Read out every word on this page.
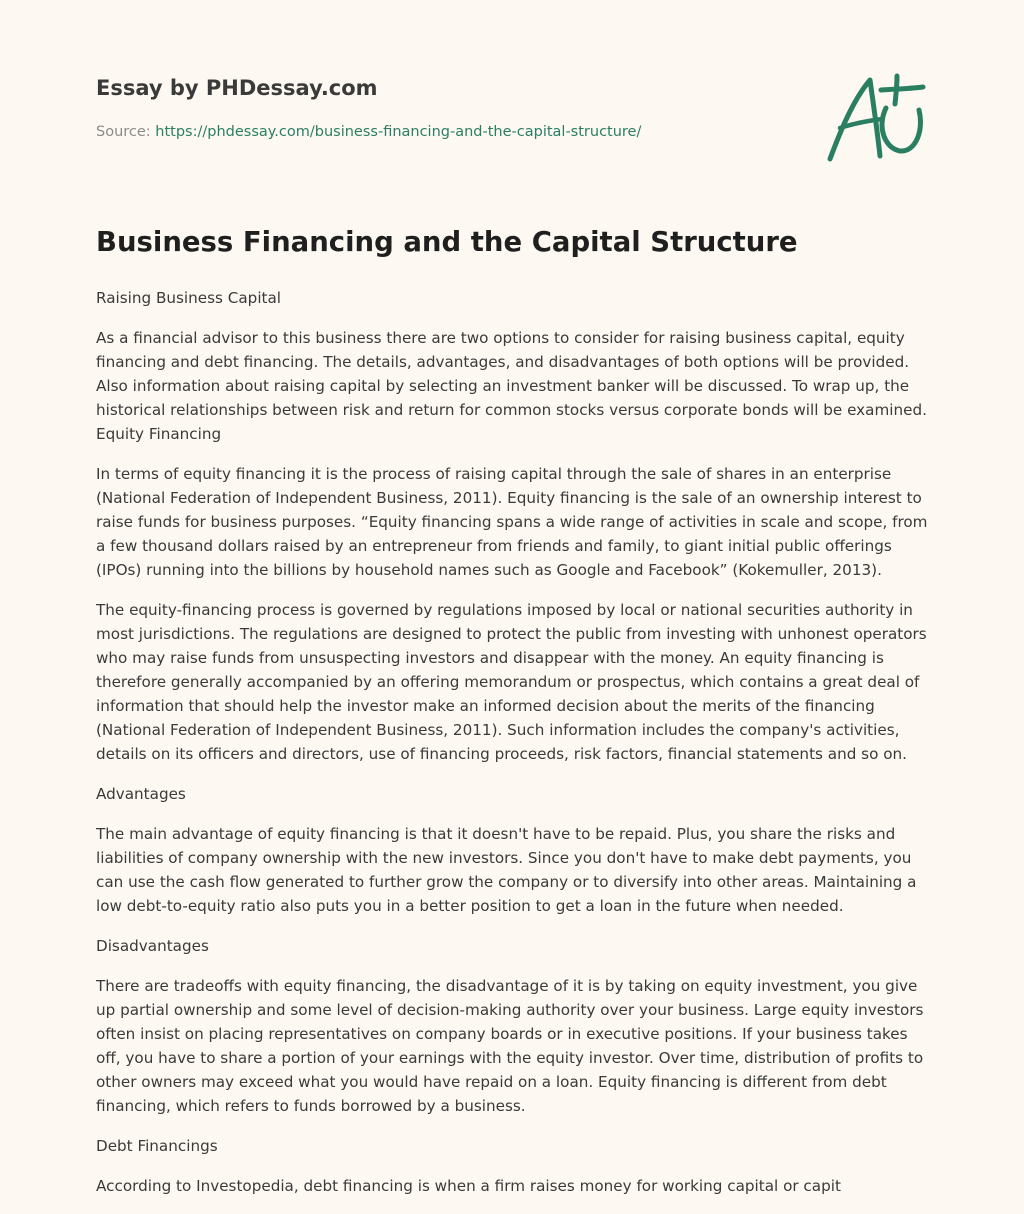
Essay by PHDessay.com
Source: https://phdessay.com/business-financing-and-the-capital-structure/
Business Financing and the Capital Structure

Raising Business Capital

As a financial advisor to this business there are two options to consider for raising business capital, equity financing and debt financing. The details, advantages, and disadvantages of both options will be provided. Also information about raising capital by selecting an investment banker will be discussed. To wrap up, the historical relationships between risk and return for common stocks versus corporate bonds will be examined. Equity Financing

In terms of equity financing it is the process of raising capital through the sale of shares in an enterprise (National Federation of Independent Business, 2011). Equity financing is the sale of an ownership interest to raise funds for business purposes. “Equity financing spans a wide range of activities in scale and scope, from a few thousand dollars raised by an entrepreneur from friends and family, to giant initial public offerings (IPOs) running into the billions by household names such as Google and Facebook” (Kokemuller, 2013).

The equity-financing process is governed by regulations imposed by local or national securities authority in most jurisdictions. The regulations are designed to protect the public from investing with unhonest operators who may raise funds from unsuspecting investors and disappear with the money. An equity financing is therefore generally accompanied by an offering memorandum or prospectus, which contains a great deal of information that should help the investor make an informed decision about the merits of the financing (National Federation of Independent Business, 2011). Such information includes the company's activities, details on its officers and directors, use of financing proceeds, risk factors, financial statements and so on.

Advantages

The main advantage of equity financing is that it doesn't have to be repaid. Plus, you share the risks and liabilities of company ownership with the new investors. Since you don't have to make debt payments, you can use the cash flow generated to further grow the company or to diversify into other areas. Maintaining a low debt-to-equity ratio also puts you in a better position to get a loan in the future when needed.

Disadvantages

There are tradeoffs with equity financing, the disadvantage of it is by taking on equity investment, you give up partial ownership and some level of decision-making authority over your business. Large equity investors often insist on placing representatives on company boards or in executive positions. If your business takes off, you have to share a portion of your earnings with the equity investor. Over time, distribution of profits to other owners may exceed what you would have repaid on a loan. Equity financing is different from debt financing, which refers to funds borrowed by a business.

Debt Financings

According to Investopedia, debt financing is when a firm raises money for working capital or capit
